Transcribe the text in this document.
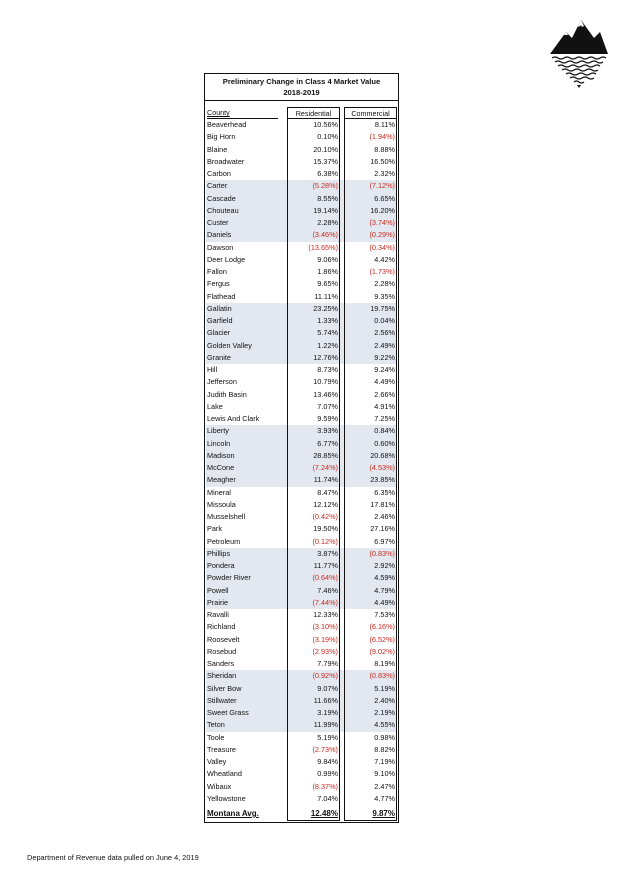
Preliminary Change in Class 4 Market Value
2018-2019
County	Residential	Commercial
Beaverhead	10.56%	8.11%
Big Horn	0.10%	(1.94%)
Blaine	20.10%	8.88%
Broadwater	15.37%	16.50%
Carbon	6.38%	2.32%
Carter	(5.28%)	(7.12%)
Cascade	8.55%	6.65%
Chouteau	19.14%	16.20%
Custer	2.28%	(3.74%)
Daniels	(3.46%)	(0.29%)
Dawson	(13.65%)	(0.34%)
Deer Lodge	9.06%	4.42%
Fallon	1.86%	(1.73%)
Fergus	9.65%	2.28%
Flathead	11.11%	9.35%
Gallatin	23.25%	19.75%
Garfield	1.33%	0.04%
Glacier	5.74%	2.56%
Golden Valley	1.22%	2.49%
Granite	12.76%	9.22%
Hill	8.73%	9.24%
Jefferson	10.79%	4.49%
Judith Basin	13.46%	2.66%
Lake	7.07%	4.91%
Lewis And Clark	9.59%	7.25%
Liberty	3.93%	0.84%
Lincoln	6.77%	0.60%
Madison	28.85%	20.68%
McCone	(7.24%)	(4.53%)
Meagher	11.74%	23.85%
Mineral	8.47%	6.35%
Missoula	12.12%	17.81%
Musselshell	(0.42%)	2.46%
Park	19.50%	27.16%
Petroleum	(0.12%)	6.97%
Phillips	3.87%	(0.83%)
Pondera	11.77%	2.92%
Powder River	(0.64%)	4.59%
Powell	7.46%	4.79%
Prairie	(7.44%)	4.49%
Ravalli	12.33%	7.53%
Richland	(3.10%)	(6.16%)
Roosevelt	(3.19%)	(6.52%)
Rosebud	(2.93%)	(9.02%)
Sanders	7.79%	8.19%
Sheridan	(0.92%)	(0.83%)
Silver Bow	9.07%	5.19%
Stillwater	11.66%	2.40%
Sweet Grass	3.19%	2.19%
Teton	11.99%	4.55%
Toole	5.19%	0.98%
Treasure	(2.73%)	8.82%
Valley	9.84%	7.19%
Wheatland	0.99%	9.10%
Wibaux	(8.37%)	2.47%
Yellowstone	7.04%	4.77%
Montana Avg.	12.48%	9.87%
Department of Revenue data pulled on June 4, 2019
